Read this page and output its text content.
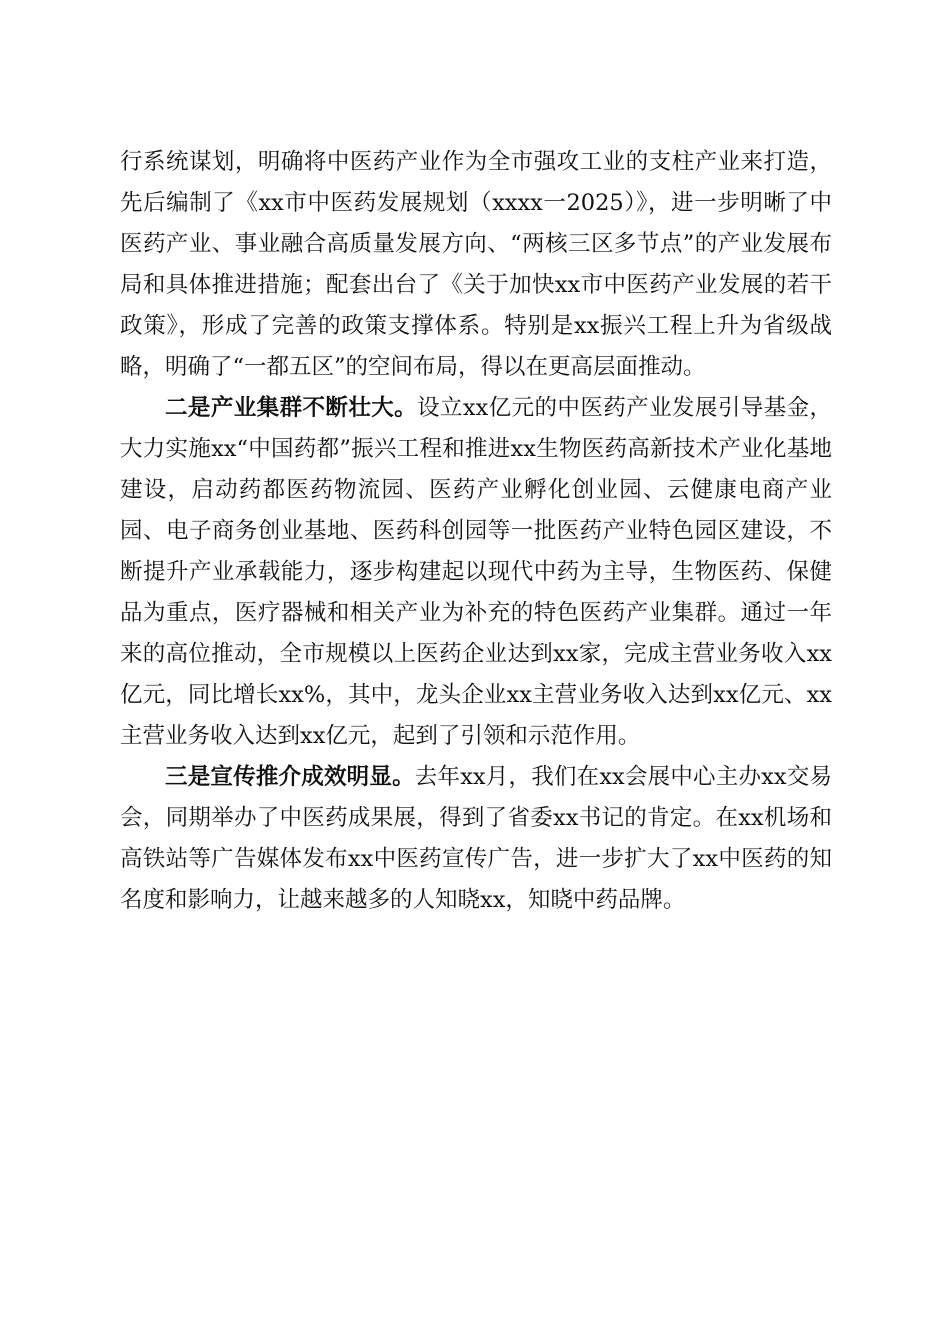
行系统谋划，明确将中医药产业作为全市强攻工业的支柱产业来打造，先后编制了《xx市中医药发展规划（xxxx一2025）》，进一步明晰了中医药产业、事业融合高质量发展方向、“两核三区多节点”的产业发展布局和具体推进措施；配套出台了《关于加快xx市中医药产业发展的若干政策》，形成了完善的政策支撑体系。特别是xx振兴工程上升为省级战略，明确了“一都五区”的空间布局，得以在更高层面推动。

二是产业集群不断壮大。设立xx亿元的中医药产业发展引导基金，大力实施xx“中国药都”振兴工程和推进xx生物医药高新技术产业化基地建设，启动药都医药物流园、医药产业孵化创业园、云健康电商产业园、电子商务创业基地、医药科创园等一批医药产业特色园区建设，不断提升产业承载能力，逐步构建起以现代中药为主导，生物医药、保健品为重点，医疗器械和相关产业为补充的特色医药产业集群。通过一年来的高位推动，全市规模以上医药企业达到xx家，完成主营业务收入xx亿元，同比增长xx%，其中，龙头企业xx主营业务收入达到xx亿元、xx主营业务收入达到xx亿元，起到了引领和示范作用。

三是宣传推介成效明显。去年xx月，我们在xx会展中心主办xx交易会，同期举办了中医药成果展，得到了省委xx书记的肯定。在xx机场和高铁站等广告媒体发布xx中医药宣传广告，进一步扩大了xx中医药的知名度和影响力，让越来越多的人知晓xx，知晓中药品牌。
